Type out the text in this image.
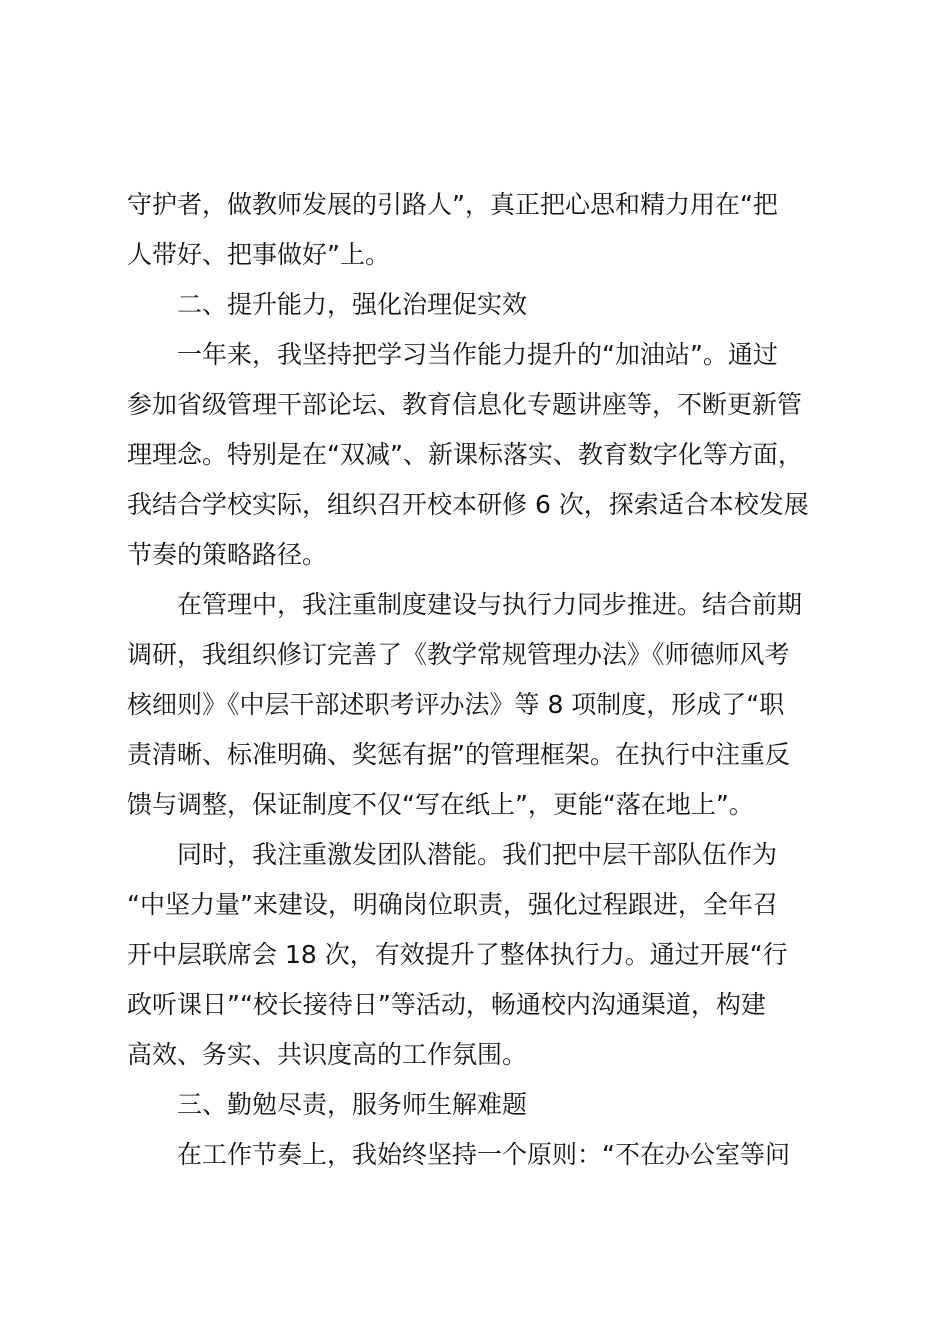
守护者，做教师发展的引路人”，真正把心思和精力用在“把
人带好、把事做好”上。
二、提升能力，强化治理促实效
一年来，我坚持把学习当作能力提升的“加油站”。通过
参加省级管理干部论坛、教育信息化专题讲座等，不断更新管
理理念。特别是在“双减”、新课标落实、教育数字化等方面，
我结合学校实际，组织召开校本研修 6 次，探索适合本校发展
节奏的策略路径。
在管理中，我注重制度建设与执行力同步推进。结合前期
调研，我组织修订完善了《教学常规管理办法》《师德师风考
核细则》《中层干部述职考评办法》等 8 项制度，形成了“职
责清晰、标准明确、奖惩有据”的管理框架。在执行中注重反
馈与调整，保证制度不仅“写在纸上”，更能“落在地上”。
同时，我注重激发团队潜能。我们把中层干部队伍作为
“中坚力量”来建设，明确岗位职责，强化过程跟进，全年召
开中层联席会 18 次，有效提升了整体执行力。通过开展“行
政听课日”“校长接待日”等活动，畅通校内沟通渠道，构建
高效、务实、共识度高的工作氛围。
三、勤勉尽责，服务师生解难题
在工作节奏上，我始终坚持一个原则：“不在办公室等问
